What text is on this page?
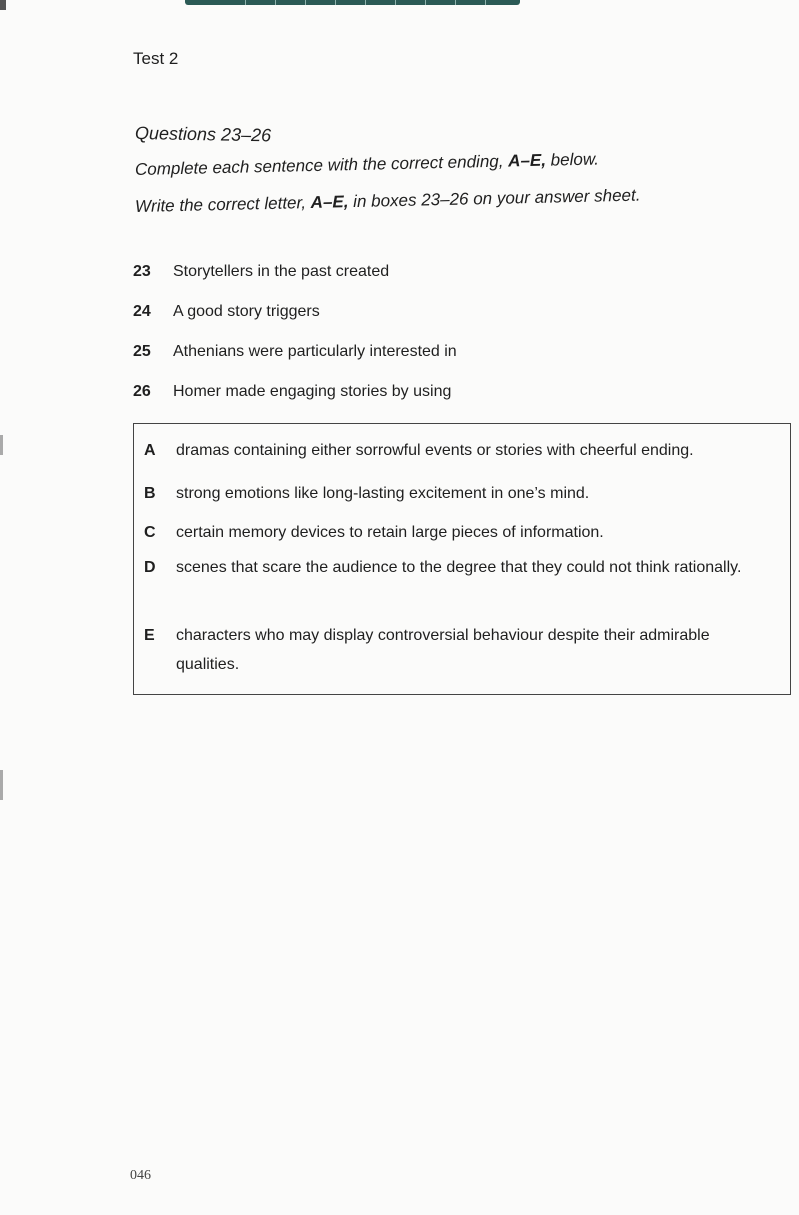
Test 2
Questions 23–26
Complete each sentence with the correct ending, A–E, below.
Write the correct letter, A–E, in boxes 23–26 on your answer sheet.
23	Storytellers in the past created
24	A good story triggers
25	Athenians were particularly interested in
26	Homer made engaging stories by using
A	dramas containing either sorrowful events or stories with cheerful ending.
B	strong emotions like long-lasting excitement in one’s mind.
C	certain memory devices to retain large pieces of information.
D	scenes that scare the audience to the degree that they could not think rationally.
E	characters who may display controversial behaviour despite their admirable qualities.
046
